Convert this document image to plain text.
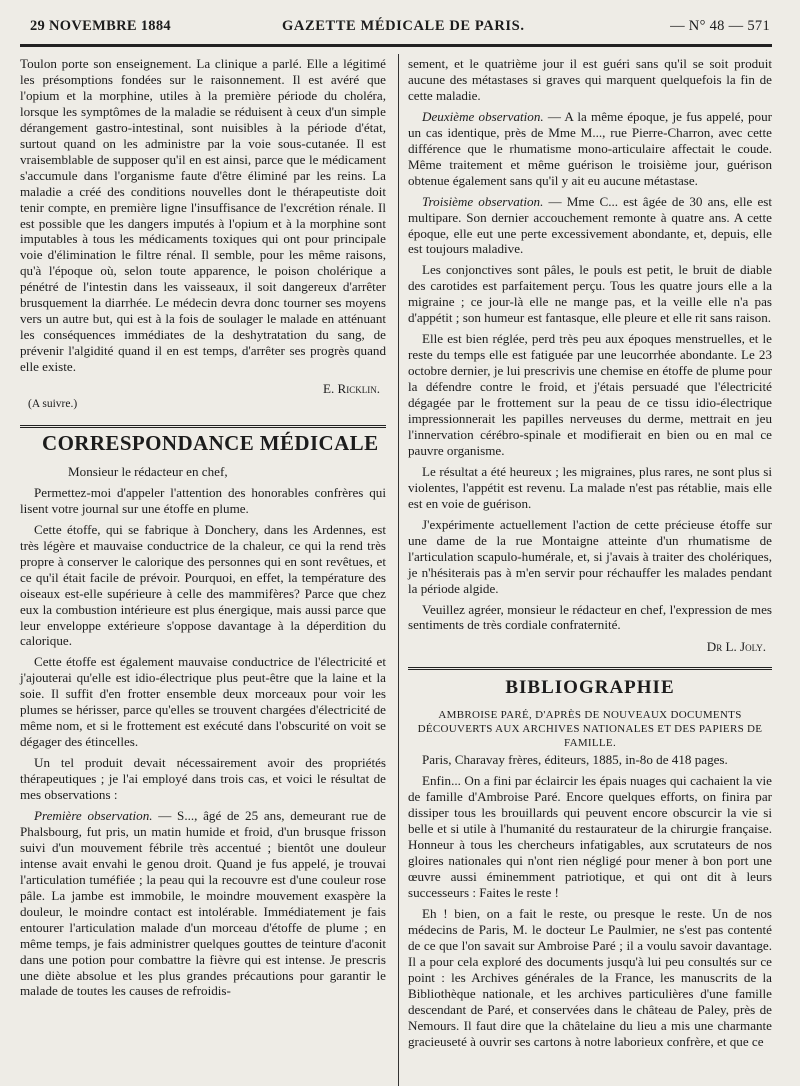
29 NOVEMBRE 1884	GAZETTE MÉDICALE DE PARIS.	— N° 48 — 571

Toulon porte son enseignement. La clinique a parlé. Elle a légitimé les présomptions fondées sur le raisonnement. Il est avéré que l'opium et la morphine, utiles à la première période du choléra, lorsque les symptômes de la maladie se réduisent à ceux d'un simple dérangement gastro-intestinal, sont nuisibles à la période d'état, surtout quand on les administre par la voie sous-cutanée. Il est vraisemblable de supposer qu'il en est ainsi, parce que le médicament s'accumule dans l'organisme faute d'être éliminé par les reins. La maladie a créé des conditions nouvelles dont le thérapeutiste doit tenir compte, en première ligne l'insuffisance de l'excrétion rénale. Il est possible que les dangers imputés à l'opium et à la morphine sont imputables à tous les médicaments toxiques qui ont pour principale voie d'élimination le filtre rénal. Il semble, pour les même raisons, qu'à l'époque où, selon toute apparence, le poison cholérique a pénétré de l'intestin dans les vaisseaux, il soit dangereux d'arrêter brusquement la diarrhée. Le médecin devra donc tourner ses moyens vers un autre but, qui est à la fois de soulager le malade en atténuant les conséquences immédiates de la deshytratation du sang, de prévenir l'algidité quand il en est temps, d'arrêter ses progrès quand elle existe.

E. Ricklin.

(A suivre.)

CORRESPONDANCE MÉDICALE

Monsieur le rédacteur en chef,

Permettez-moi d'appeler l'attention des honorables confrères qui lisent votre journal sur une étoffe en plume.

Cette étoffe, qui se fabrique à Donchery, dans les Ardennes, est très légère et mauvaise conductrice de la chaleur, ce qui la rend très propre à conserver le calorique des personnes qui en sont revêtues, et ce qu'il était facile de prévoir. Pourquoi, en effet, la température des oiseaux est-elle supérieure à celle des mammifères? Parce que chez eux la combustion intérieure est plus énergique, mais aussi parce que leur enveloppe extérieure s'oppose davantage à la déperdition du calorique.

Cette étoffe est également mauvaise conductrice de l'électricité et j'ajouterai qu'elle est idio-électrique plus peut-être que la laine et la soie. Il suffit d'en frotter ensemble deux morceaux pour voir les plumes se hérisser, parce qu'elles se trouvent chargées d'électricité de même nom, et si le frottement est exécuté dans l'obscurité on voit se dégager des étincelles.

Un tel produit devait nécessairement avoir des propriétés thérapeutiques ; je l'ai employé dans trois cas, et voici le résultat de mes observations :

Première observation. — S..., âgé de 25 ans, demeurant rue de Phalsbourg, fut pris, un matin humide et froid, d'un brusque frisson suivi d'un mouvement fébrile très accentué ; bientôt une douleur intense avait envahi le genou droit. Quand je fus appelé, je trouvai l'articulation tuméfiée ; la peau qui la recouvre est d'une couleur rose pâle. La jambe est immobile, le moindre mouvement exaspère la douleur, le moindre contact est intolérable. Immédiatement je fais entourer l'articulation malade d'un morceau d'étoffe de plume ; en même temps, je fais administrer quelques gouttes de teinture d'aconit dans une potion pour combattre la fièvre qui est intense. Je prescris une diète absolue et les plus grandes précautions pour garantir le malade de toutes les causes de refroidis-

sement, et le quatrième jour il est guéri sans qu'il se soit produit aucune des métastases si graves qui marquent quelquefois la fin de cette maladie.

Deuxième observation. — A la même époque, je fus appelé, pour un cas identique, près de Mme M..., rue Pierre-Charron, avec cette différence que le rhumatisme mono-articulaire affectait le coude. Même traitement et même guérison le troisième jour, guérison obtenue également sans qu'il y ait eu aucune métastase.

Troisième observation. — Mme C... est âgée de 30 ans, elle est multipare. Son dernier accouchement remonte à quatre ans. A cette époque, elle eut une perte excessivement abondante, et, depuis, elle est toujours maladive.

Les conjonctives sont pâles, le pouls est petit, le bruit de diable des carotides est parfaitement perçu. Tous les quatre jours elle a la migraine ; ce jour-là elle ne mange pas, et la veille elle n'a pas d'appétit ; son humeur est fantasque, elle pleure et elle rit sans raison.

Elle est bien réglée, perd très peu aux époques menstruelles, et le reste du temps elle est fatiguée par une leucorrhée abondante. Le 23 octobre dernier, je lui prescrivis une chemise en étoffe de plume pour la défendre contre le froid, et j'étais persuadé que l'électricité dégagée par le frottement sur la peau de ce tissu idio-électrique impressionnerait les papilles nerveuses du derme, mettrait en jeu l'innervation cérébro-spinale et modifierait en bien ou en mal ce pauvre organisme.

Le résultat a été heureux ; les migraines, plus rares, ne sont plus si violentes, l'appétit est revenu. La malade n'est pas rétablie, mais elle est en voie de guérison.

J'expérimente actuellement l'action de cette précieuse étoffe sur une dame de la rue Montaigne atteinte d'un rhumatisme de l'articulation scapulo-humérale, et, si j'avais à traiter des cholériques, je n'hésiterais pas à m'en servir pour réchauffer les malades pendant la période algide.

Veuillez agréer, monsieur le rédacteur en chef, l'expression de mes sentiments de très cordiale confraternité.

Dr L. Joly.

BIBLIOGRAPHIE

AMBROISE PARÉ, D'APRÈS DE NOUVEAUX DOCUMENTS DÉCOUVERTS AUX ARCHIVES NATIONALES ET DES PAPIERS DE FAMILLE.

Paris, Charavay frères, éditeurs, 1885, in-8o de 418 pages.

Enfin... On a fini par éclaircir les épais nuages qui cachaient la vie de famille d'Ambroise Paré. Encore quelques efforts, on finira par dissiper tous les brouillards qui peuvent encore obscurcir la vie si belle et si utile à l'humanité du restaurateur de la chirurgie française. Honneur à tous les chercheurs infatigables, aux scrutateurs de nos gloires nationales qui n'ont rien négligé pour mener à bon port une œuvre aussi éminemment patriotique, et qui ont dit à leurs successeurs : Faites le reste !

Eh ! bien, on a fait le reste, ou presque le reste. Un de nos médecins de Paris, M. le docteur Le Paulmier, ne s'est pas contenté de ce que l'on savait sur Ambroise Paré ; il a voulu savoir davantage. Il a pour cela exploré des documents jusqu'à lui peu consultés sur ce point : les Archives générales de la France, les manuscrits de la Bibliothèque nationale, et les archives particulières d'une famille descendant de Paré, et conservées dans le château de Paley, près de Nemours. Il faut dire que la châtelaine du lieu a mis une charmante gracieuseté à ouvrir ses cartons à notre laborieux confrère, et que ce
